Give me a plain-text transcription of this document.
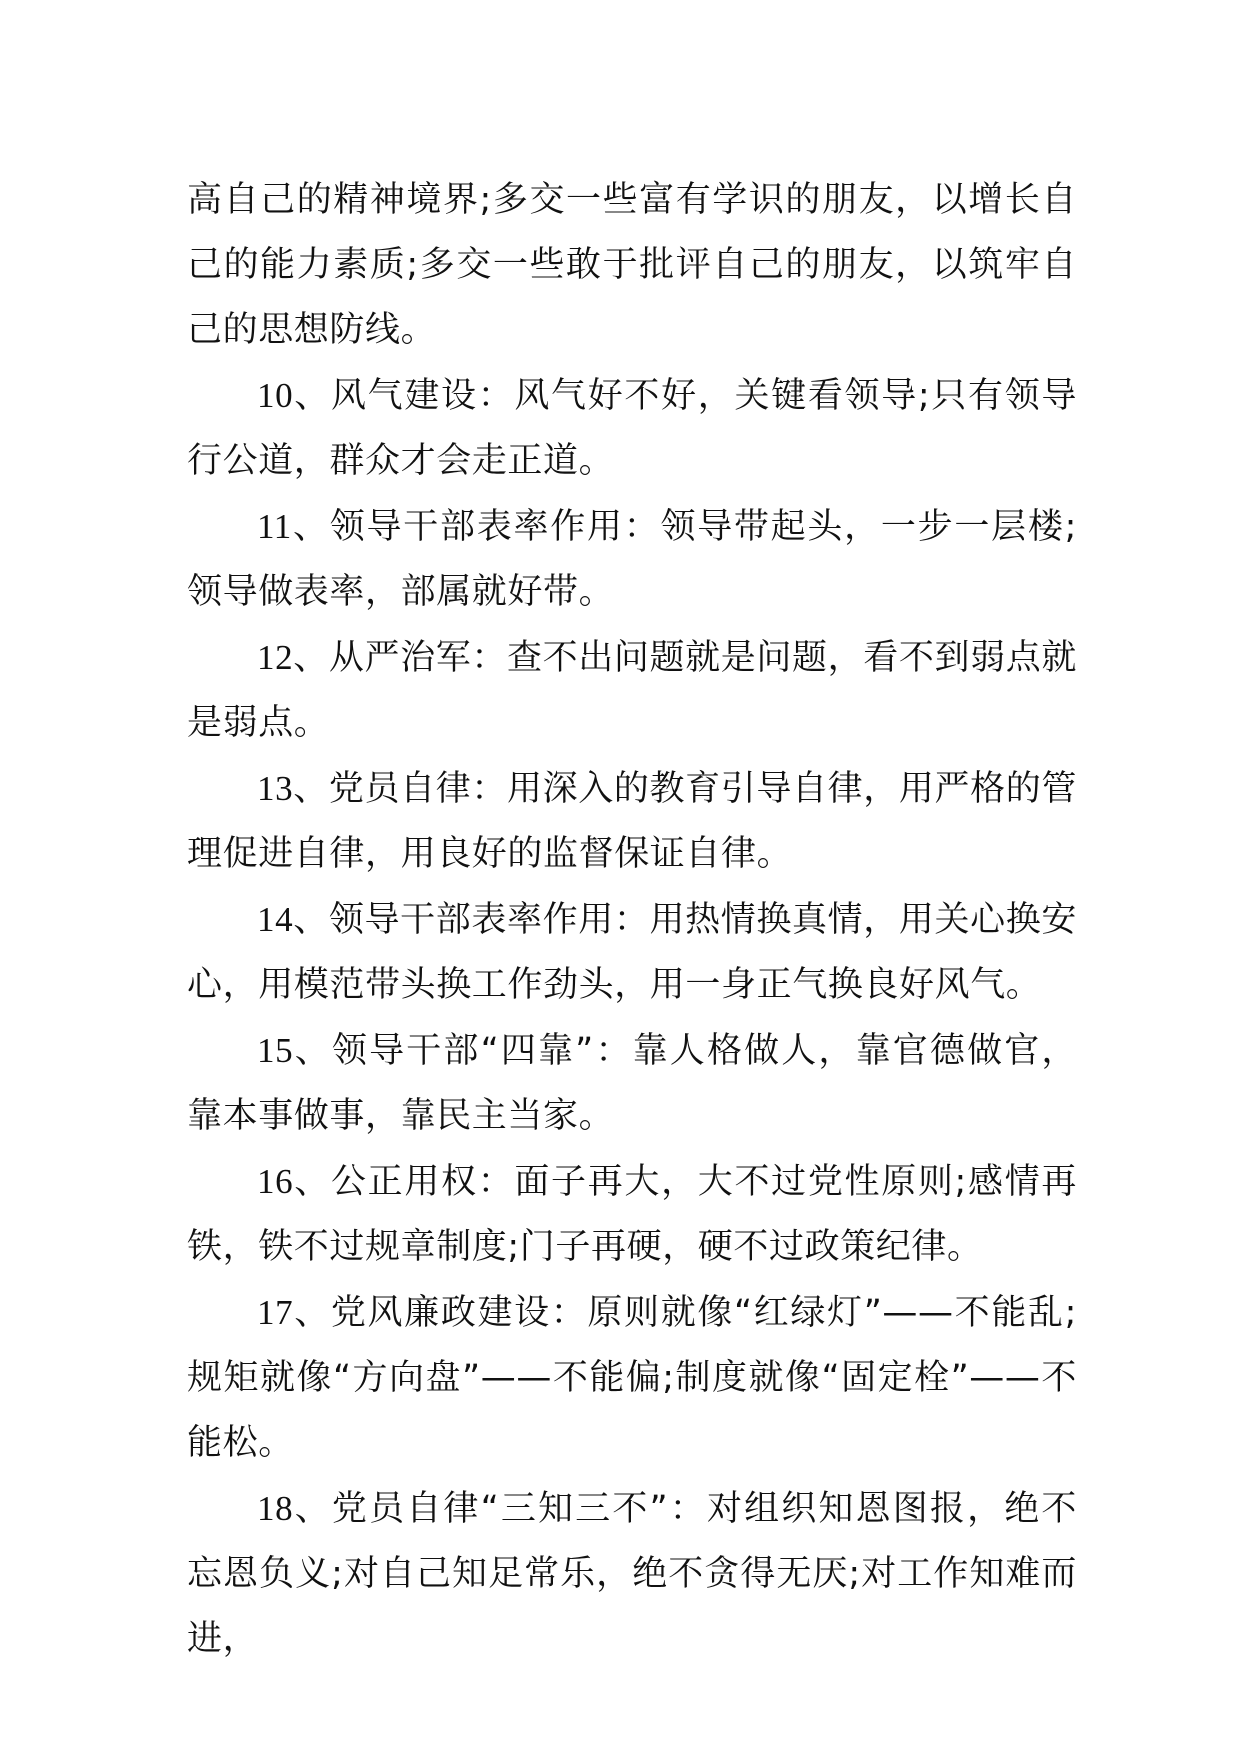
高自己的精神境界;多交一些富有学识的朋友，以增长自己的能力素质;多交一些敢于批评自己的朋友，以筑牢自己的思想防线。

10、风气建设：风气好不好，关键看领导;只有领导行公道，群众才会走正道。

11、领导干部表率作用：领导带起头，一步一层楼;领导做表率，部属就好带。

12、从严治军：查不出问题就是问题，看不到弱点就是弱点。

13、党员自律：用深入的教育引导自律，用严格的管理促进自律，用良好的监督保证自律。

14、领导干部表率作用：用热情换真情，用关心换安心，用模范带头换工作劲头，用一身正气换良好风气。

15、领导干部“四靠”：靠人格做人，靠官德做官，靠本事做事，靠民主当家。

16、公正用权：面子再大，大不过党性原则;感情再铁，铁不过规章制度;门子再硬，硬不过政策纪律。

17、党风廉政建设：原则就像“红绿灯”——不能乱;规矩就像“方向盘”——不能偏;制度就像“固定栓”——不能松。

18、党员自律“三知三不”：对组织知恩图报，绝不忘恩负义;对自己知足常乐，绝不贪得无厌;对工作知难而进，
